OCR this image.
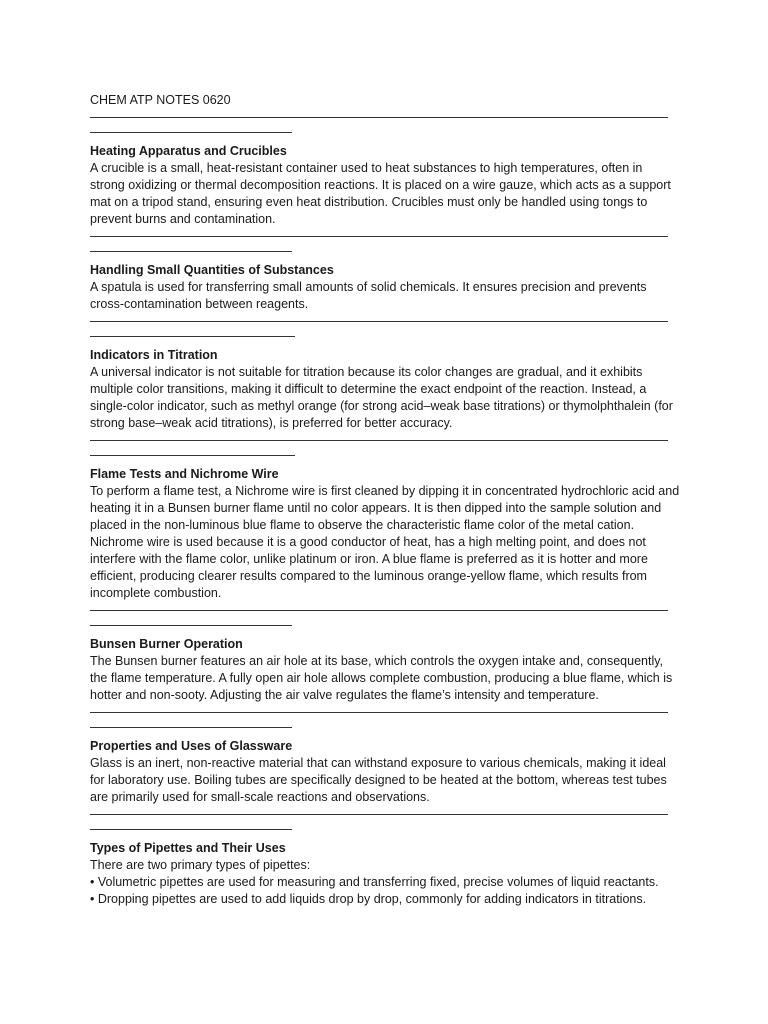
CHEM ATP NOTES 0620

Heating Apparatus and Crucibles

A crucible is a small, heat-resistant container used to heat substances to high temperatures, often in strong oxidizing or thermal decomposition reactions. It is placed on a wire gauze, which acts as a support mat on a tripod stand, ensuring even heat distribution. Crucibles must only be handled using tongs to prevent burns and contamination.

Handling Small Quantities of Substances

A spatula is used for transferring small amounts of solid chemicals. It ensures precision and prevents cross-contamination between reagents.

Indicators in Titration

A universal indicator is not suitable for titration because its color changes are gradual, and it exhibits multiple color transitions, making it difficult to determine the exact endpoint of the reaction. Instead, a single-color indicator, such as methyl orange (for strong acid–weak base titrations) or thymolphthalein (for strong base–weak acid titrations), is preferred for better accuracy.

Flame Tests and Nichrome Wire

To perform a flame test, a Nichrome wire is first cleaned by dipping it in concentrated hydrochloric acid and heating it in a Bunsen burner flame until no color appears. It is then dipped into the sample solution and placed in the non-luminous blue flame to observe the characteristic flame color of the metal cation. Nichrome wire is used because it is a good conductor of heat, has a high melting point, and does not interfere with the flame color, unlike platinum or iron. A blue flame is preferred as it is hotter and more efficient, producing clearer results compared to the luminous orange-yellow flame, which results from incomplete combustion.

Bunsen Burner Operation

The Bunsen burner features an air hole at its base, which controls the oxygen intake and, consequently, the flame temperature. A fully open air hole allows complete combustion, producing a blue flame, which is hotter and non-sooty. Adjusting the air valve regulates the flame’s intensity and temperature.

Properties and Uses of Glassware

Glass is an inert, non-reactive material that can withstand exposure to various chemicals, making it ideal for laboratory use. Boiling tubes are specifically designed to be heated at the bottom, whereas test tubes are primarily used for small-scale reactions and observations.

Types of Pipettes and Their Uses

There are two primary types of pipettes:

• Volumetric pipettes are used for measuring and transferring fixed, precise volumes of liquid reactants.

• Dropping pipettes are used to add liquids drop by drop, commonly for adding indicators in titrations.
